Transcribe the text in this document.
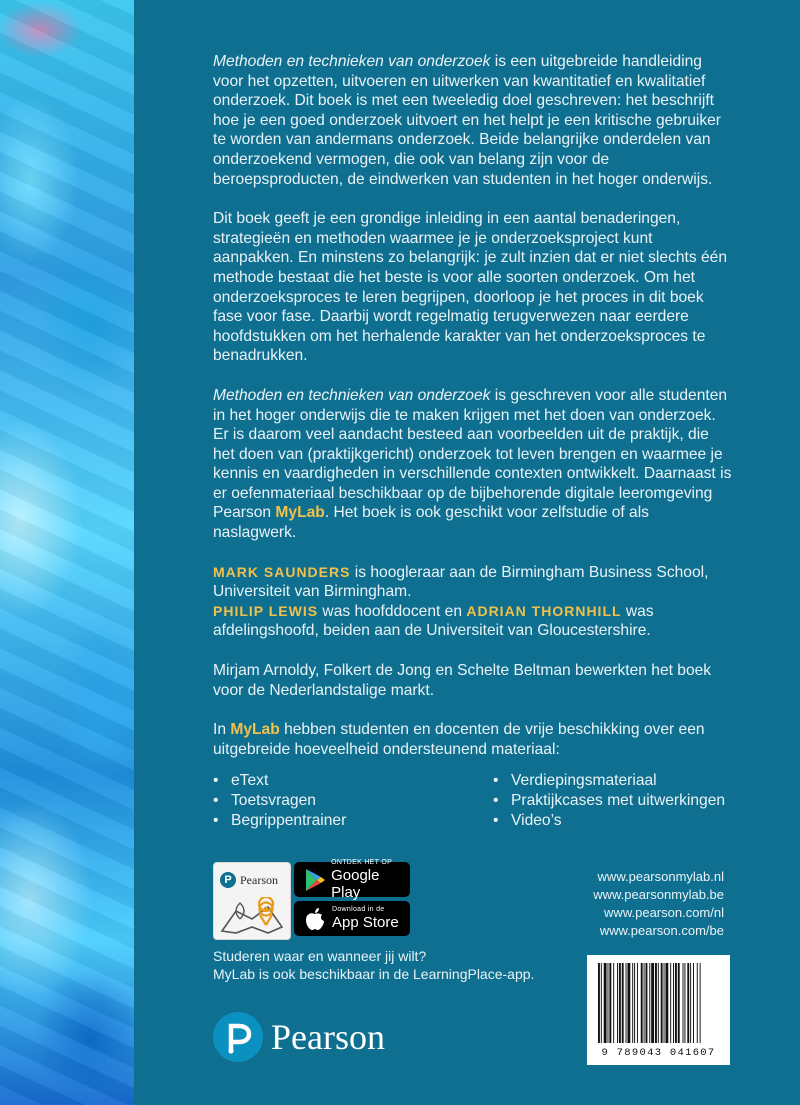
Methoden en technieken van onderzoek is een uitgebreide handleiding voor het opzetten, uitvoeren en uitwerken van kwantitatief en kwalitatief onderzoek. Dit boek is met een tweeledig doel geschreven: het beschrijft hoe je een goed onderzoek uitvoert en het helpt je een kritische gebruiker te worden van andermans onderzoek. Beide belangrijke onderdelen van onderzoekend vermogen, die ook van belang zijn voor de beroepsproducten, de eindwerken van studenten in het hoger onderwijs.

Dit boek geeft je een grondige inleiding in een aantal benaderingen, strategieën en methoden waarmee je je onderzoeksproject kunt aanpakken. En minstens zo belangrijk: je zult inzien dat er niet slechts één methode bestaat die het beste is voor alle soorten onderzoek. Om het onderzoeksproces te leren begrijpen, doorloop je het proces in dit boek fase voor fase. Daarbij wordt regelmatig terugverwezen naar eerdere hoofdstukken om het herhalende karakter van het onderzoeksproces te benadrukken.

Methoden en technieken van onderzoek is geschreven voor alle studenten in het hoger onderwijs die te maken krijgen met het doen van onderzoek. Er is daarom veel aandacht besteed aan voorbeelden uit de praktijk, die het doen van (praktijkgericht) onderzoek tot leven brengen en waarmee je kennis en vaardigheden in verschillende contexten ontwikkelt. Daarnaast is er oefenmateriaal beschikbaar op de bijbehorende digitale leeromgeving Pearson MyLab. Het boek is ook geschikt voor zelfstudie of als naslagwerk.

MARK SAUNDERS is hoogleraar aan de Birmingham Business School, Universiteit van Birmingham.

PHILIP LEWIS was hoofddocent en ADRIAN THORNHILL was afdelingshoofd, beiden aan de Universiteit van Gloucestershire.

Mirjam Arnoldy, Folkert de Jong en Schelte Beltman bewerkten het boek voor de Nederlandstalige markt.

In MyLab hebben studenten en docenten de vrije beschikking over een uitgebreide hoeveelheid ondersteunend materiaal:

• eText	• Verdiepingsmateriaal
• Toetsvragen	• Praktijkcases met uitwerkingen
• Begrippentrainer	• Video’s
P Pearson
ONTDEK HET OP
Google Play
Download in de
App Store
Studeren waar en wanneer jij wilt?
MyLab is ook beschikbaar in de LearningPlace-app.
Pearson
www.pearsonmylab.nl
www.pearsonmylab.be
www.pearson.com/nl
www.pearson.com/be
9 789043 041607
